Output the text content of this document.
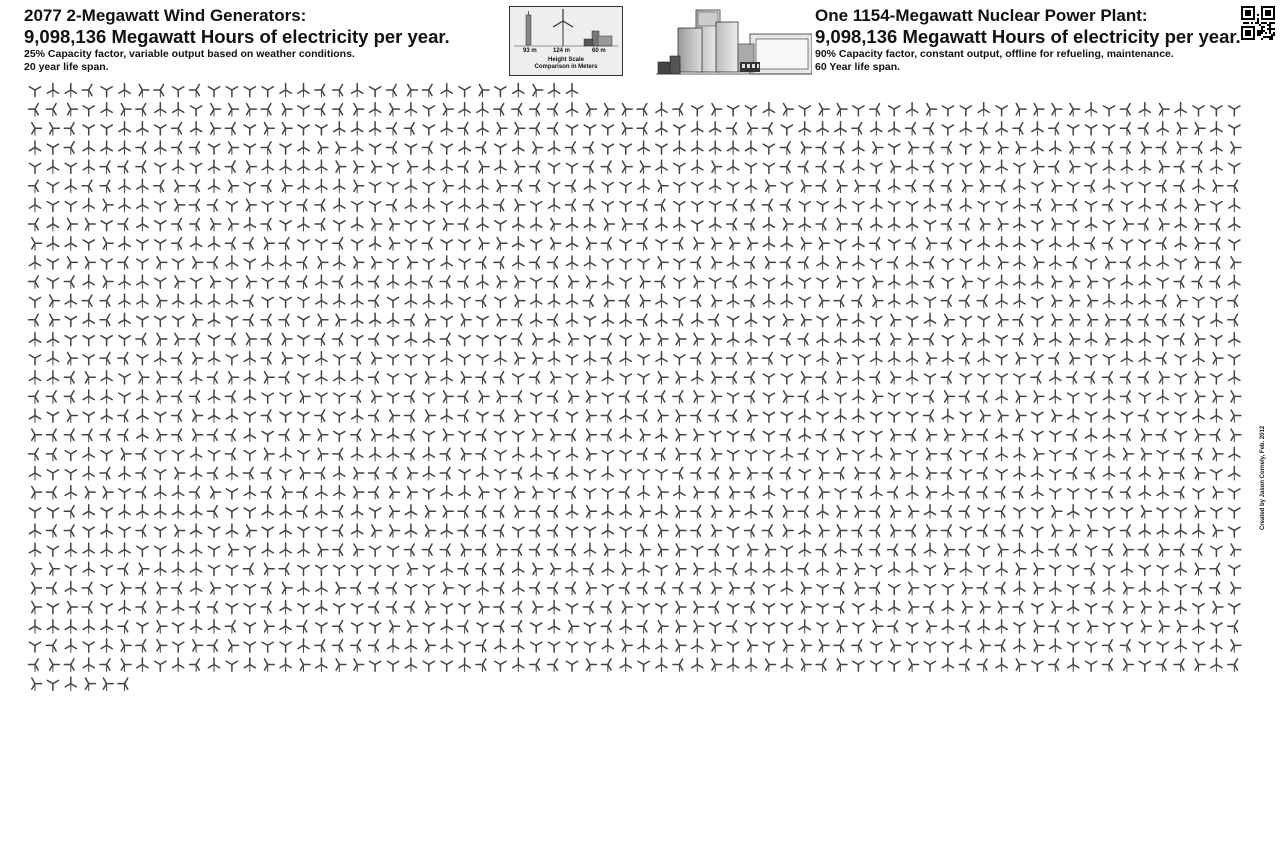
2077 2-Megawatt Wind Generators:
9,098,136 Megawatt Hours of electricity per year.
25% Capacity factor, variable output based on weather conditions.
20 year life span.
93 m	124 m	60 m
Height Scale
Comparison in Meters
One 1154-Megawatt Nuclear Power Plant:
9,098,136 Megawatt Hours of electricity per year.
90% Capacity factor, constant output, offline for refueling, maintenance.
60 Year life span.
Created by Jason Cornely, Feb. 2012
